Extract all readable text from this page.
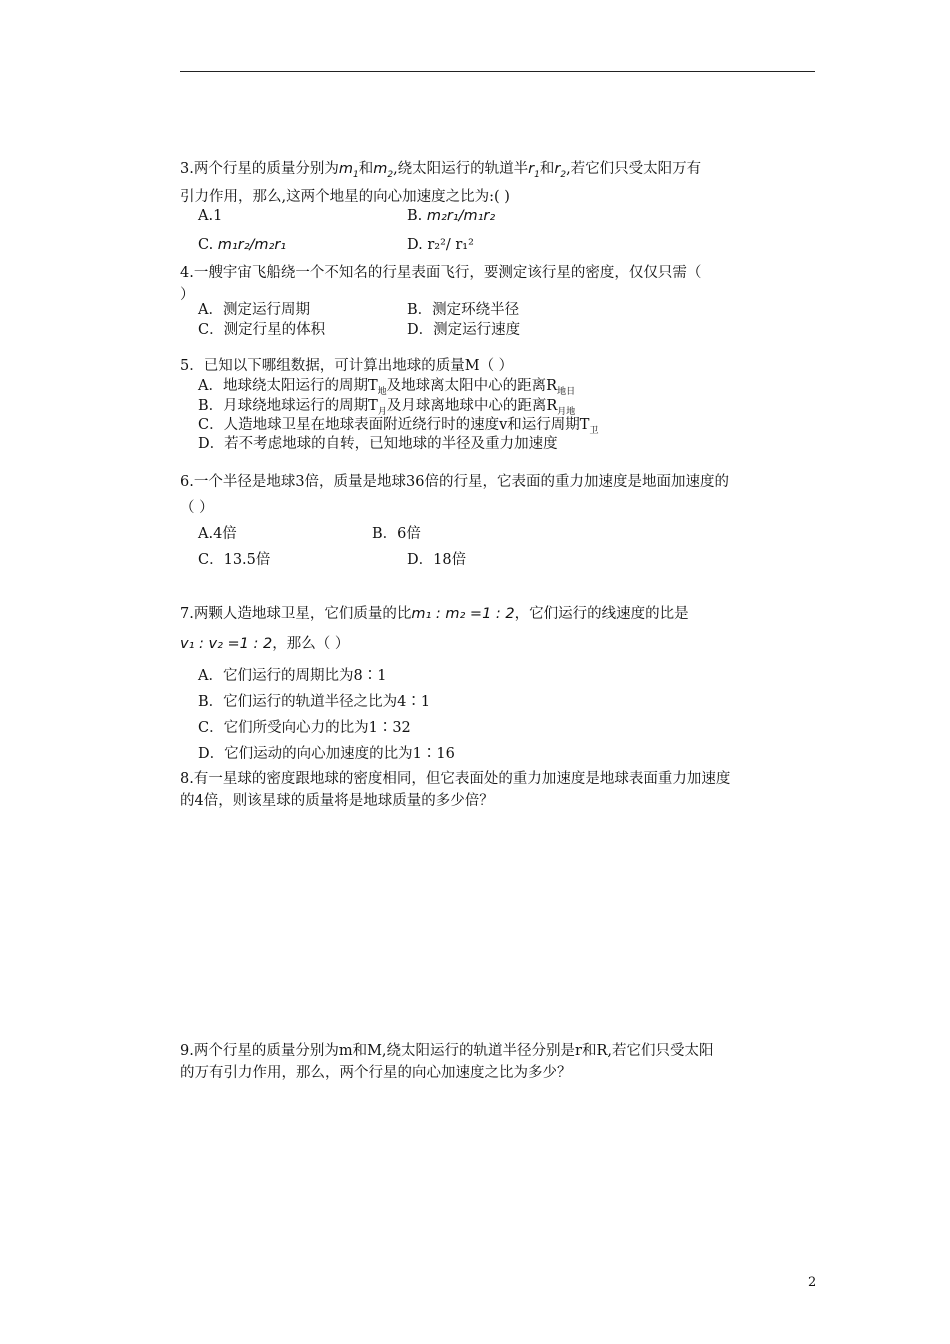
3.两个行星的质量分别为$m_1$和$m_2$,绕太阳运行的轨道半$r_1$和$r_2$,若它们只受太阳万有
引力作用，那么,这两个地星的向心加速度之比为:( )
A.1	B. m₂r₁/m₁r₂
C. m₁r₂/m₂r₁	D. r₂²/ r₁²
4.一艘宇宙飞船绕一个不知名的行星表面飞行，要测定该行星的密度，仅仅只需（
）
A．测定运行周期	B．测定环绕半径
C．测定行星的体积	D．测定运行速度
5．已知以下哪组数据，可计算出地球的质量M（ ）
A．地球绕太阳运行的周期$T_地$及地球离太阳中心的距离$R_{地日}$
B．月球绕地球运行的周期$T_月$及月球离地球中心的距离$R_{月地}$
C．人造地球卫星在地球表面附近绕行时的速度v和运行周期$T_卫$
D．若不考虑地球的自转，已知地球的半径及重力加速度
6.一个半径是地球3倍，质量是地球36倍的行星，它表面的重力加速度是地面加速度的
（ ）
A.4倍	B．6倍
C．13.5倍	D．18倍
7.两颗人造地球卫星，它们质量的比m₁ : m₂ =1 : 2，它们运行的线速度的比是
v₁ : v₂ =1 : 2，那么（ ）
A．它们运行的周期比为8∶1
B．它们运行的轨道半径之比为4∶1
C．它们所受向心力的比为1∶32
D．它们运动的向心加速度的比为1∶16
8.有一星球的密度跟地球的密度相同，但它表面处的重力加速度是地球表面重力加速度
的4倍，则该星球的质量将是地球质量的多少倍？
9.两个行星的质量分别为m和M,绕太阳运行的轨道半径分别是r和R,若它们只受太阳
的万有引力作用，那么，两个行星的向心加速度之比为多少？
2
